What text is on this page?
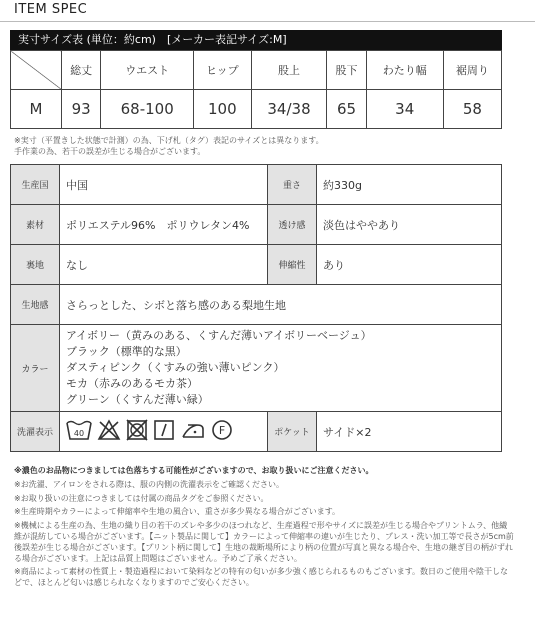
ITEM SPEC
実寸サイズ表 (単位：約cm)　[メーカー表記サイズ:M]
	総丈	ウエスト	ヒップ	股上	股下	わたり幅	裾周り
M	93	68-100	100	34/38	65	34	58
※実寸（平置きした状態で計測）の為、下げ札（タグ）表記のサイズとは異なります。
手作業の為、若干の誤差が生じる場合がございます。
生産国	中国	重さ	約330g
素材	ポリエステル96%　ポリウレタン4%	透け感	淡色はややあり
裏地	なし	伸縮性	あり
生地感	さらっとした、シボと落ち感のある梨地生地		
カラー	アイボリー（黄みのある、くすんだ薄いアイボリーベージュ）
ブラック（標準的な黒）
ダスティピンク（くすみの強い薄いピンク）
モカ（赤みのあるモカ茶）
グリーン（くすんだ薄い緑）		

洗濯表示	40 F	ポケット	サイド×2

※濃色のお品物につきましては色落ちする可能性がございますので、お取り扱いにご注意ください。

※お洗濯、アイロンをされる際は、服の内側の洗濯表示をご確認ください。

※お取り扱いの注意につきましては付属の商品タグをご参照ください。

※生産時期やカラーによって伸縮率や生地の風合い、重さが多少異なる場合がございます。

※機械による生産の為、生地の織り目の若干のズレや多少のほつれなど、生産過程で形やサイズに誤差が生じる場合やプリントムラ、他繊維が混紡している場合がございます。【ニット製品に関して】カラーによって伸縮率の違いが生じたり、プレス・洗い加工等で長さが5cm前後誤差が生じる場合がございます。【プリント柄に関して】生地の裁断場所により柄の位置が写真と異なる場合や、生地の継ぎ目の柄がずれる場合がございます。上記は品質上問題はございません。予めご了承ください。

※商品によって素材の性質上・製造過程において染料などの特有の匂いが多少強く感じられるものもございます。数日のご使用や陰干しなどで、ほとんど匂いは感じられなくなりますのでご安心ください。
